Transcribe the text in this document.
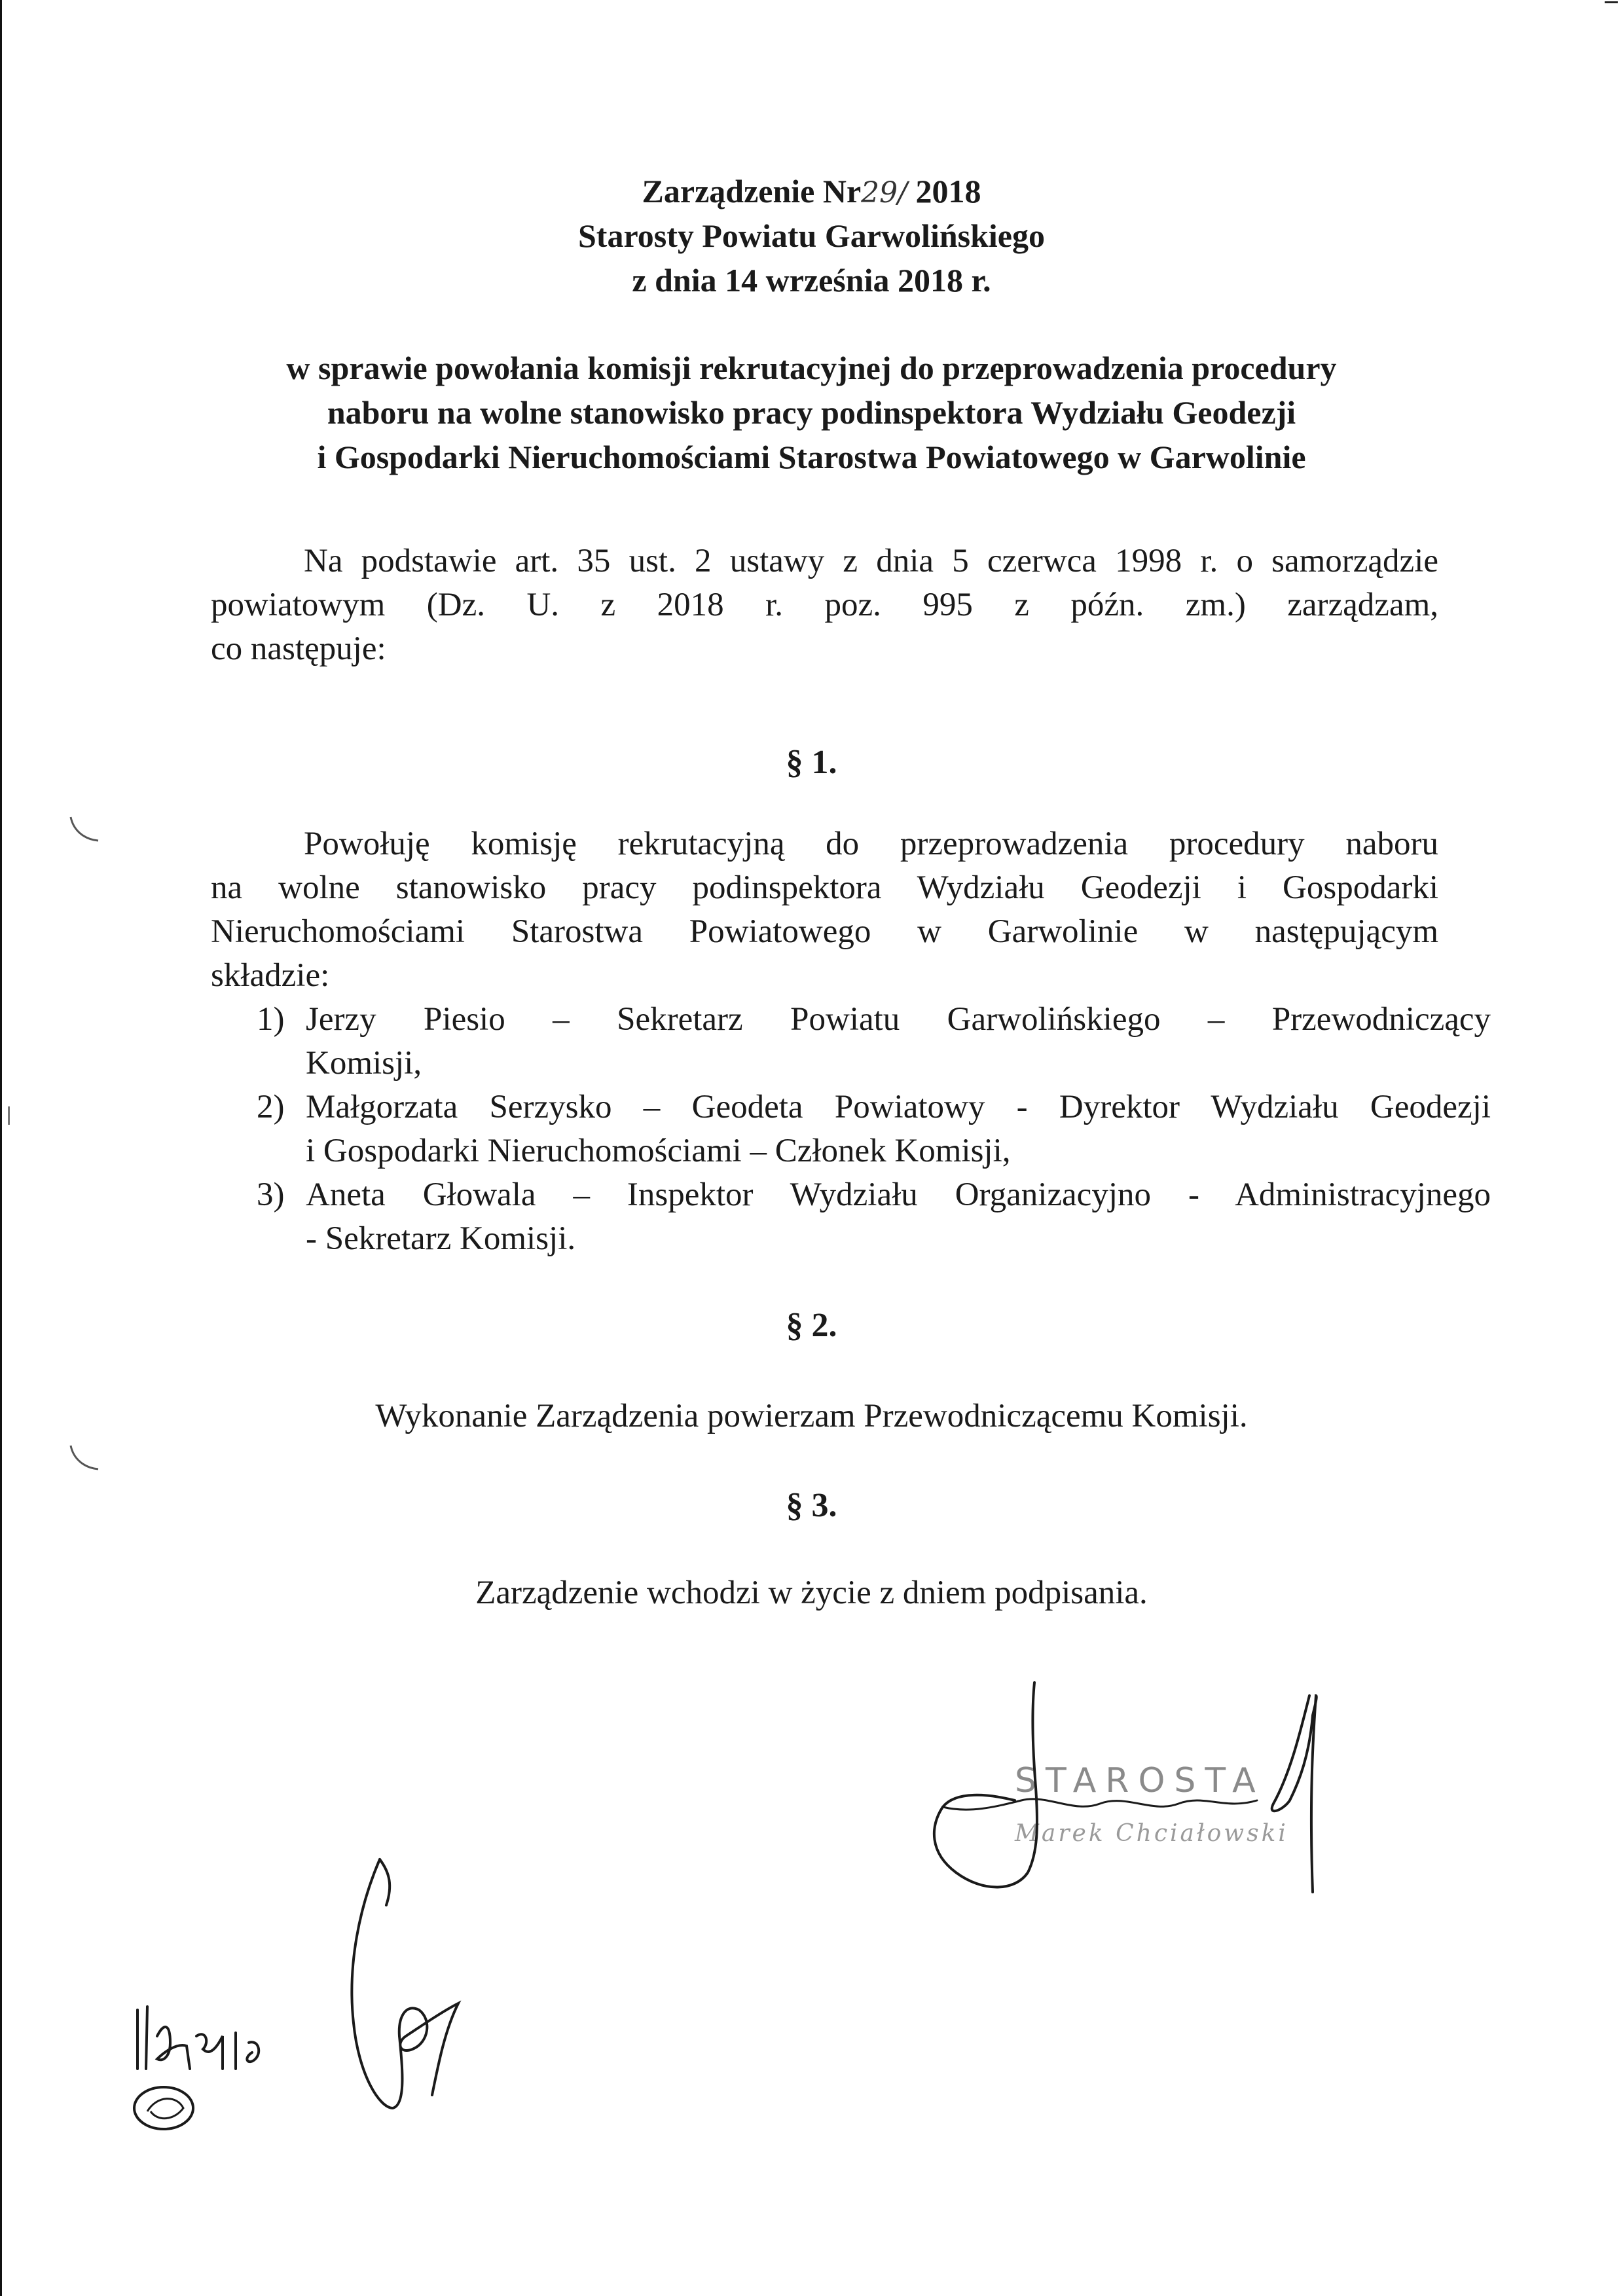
Zarządzenie Nr29/ 2018
Starosty Powiatu Garwolińskiego
z dnia 14 września 2018 r.
w sprawie powołania komisji rekrutacyjnej do przeprowadzenia procedury
naboru na wolne stanowisko pracy podinspektora Wydziału Geodezji
i Gospodarki Nieruchomościami Starostwa Powiatowego w Garwolinie
Na podstawie art. 35 ust. 2 ustawy z dnia 5 czerwca 1998 r. o samorządzie
powiatowym (Dz. U. z 2018 r. poz. 995 z późn. zm.) zarządzam,
co następuje:
§ 1.
Powołuję komisję rekrutacyjną do przeprowadzenia procedury naboru
na wolne stanowisko pracy podinspektora Wydziału Geodezji i Gospodarki
Nieruchomościami Starostwa Powiatowego w Garwolinie w następującym
składzie:
1) Jerzy Piesio – Sekretarz Powiatu Garwolińskiego – Przewodniczący
Komisji,
2) Małgorzata Serzysko – Geodeta Powiatowy - Dyrektor Wydziału Geodezji
i Gospodarki Nieruchomościami – Członek Komisji,
3) Aneta Głowala – Inspektor Wydziału Organizacyjno - Administracyjnego
- Sekretarz Komisji.
§ 2.
Wykonanie Zarządzenia powierzam Przewodniczącemu Komisji.
§ 3.
Zarządzenie wchodzi w życie z dniem podpisania.
STAROSTA
Marek Chciałowski
